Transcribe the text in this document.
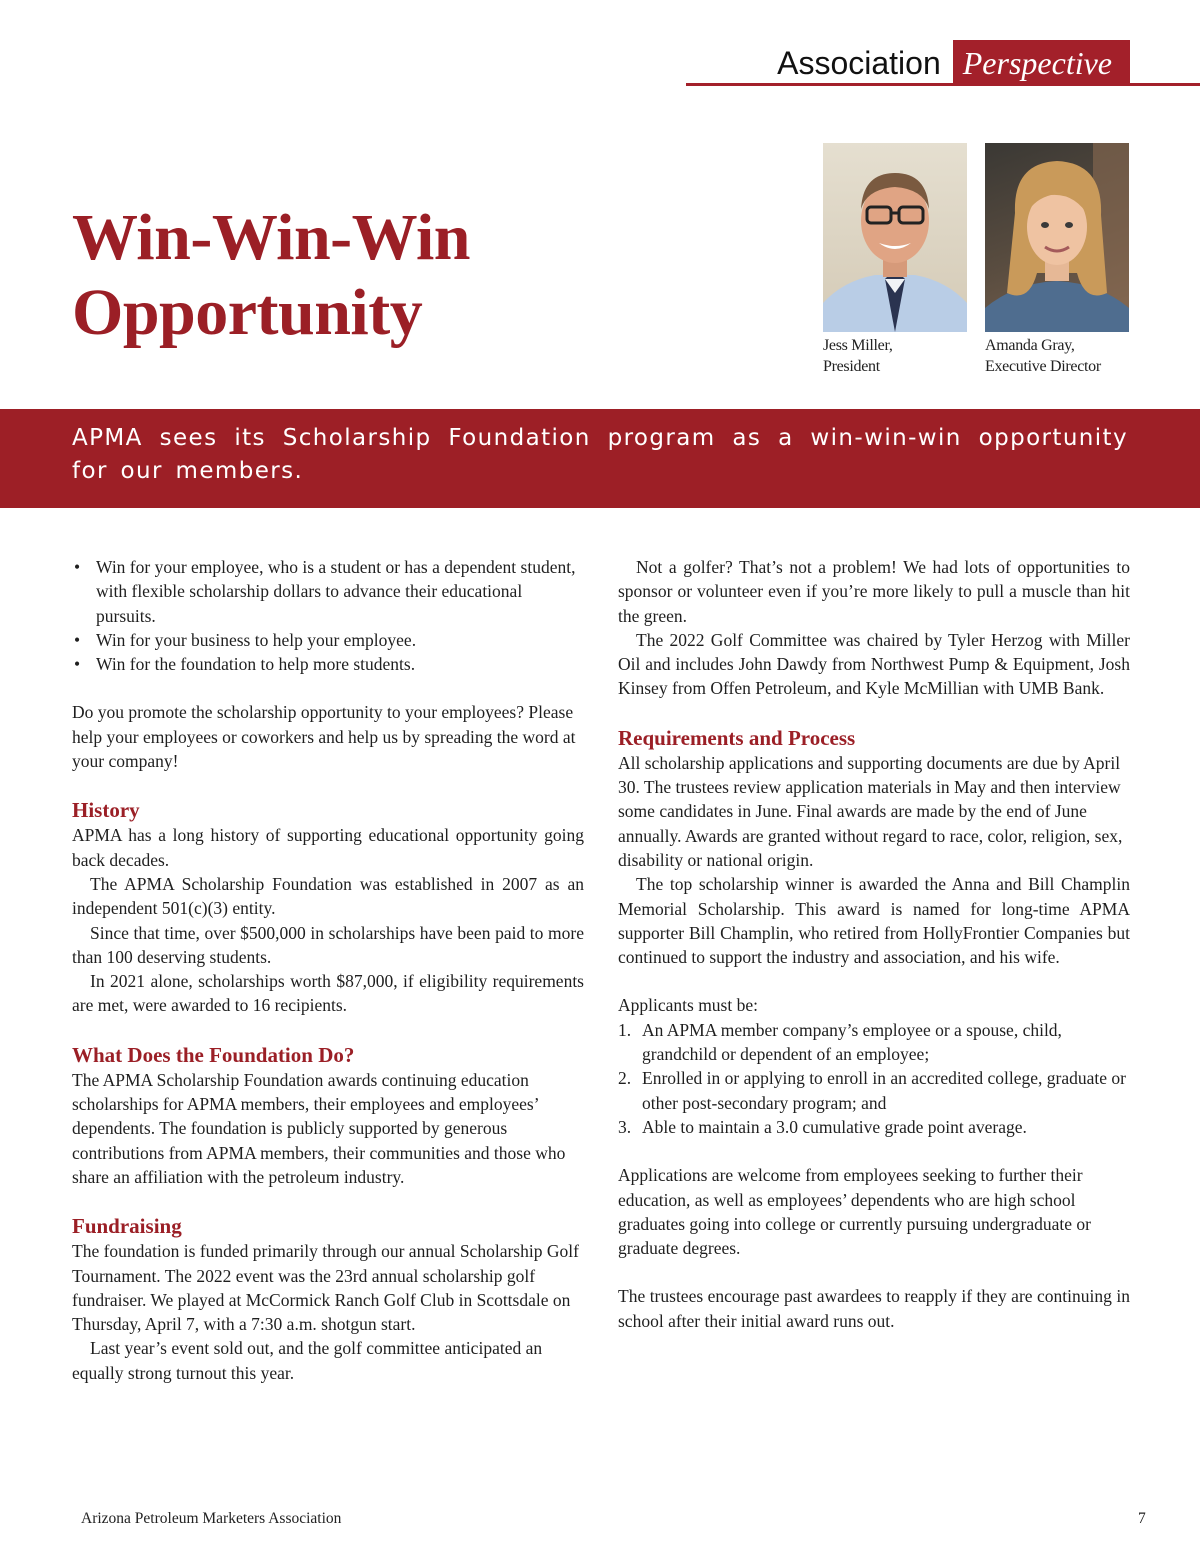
Association Perspective
Win-Win-Win
Opportunity	Jess Miller,
President
Amanda Gray,
Executive Director

APMA sees its Scholarship Foundation program as a win-win-win opportunity for our members.

• Win for your employee, who is a student or has a dependent student, with flexible scholarship dollars to advance their educational pursuits.
• Win for your business to help your employee.
• Win for the foundation to help more students.

Do you promote the scholarship opportunity to your employees? Please help your employees or coworkers and help us by spreading the word at your company!

History

APMA has a long history of supporting educational opportunity going back decades.

The APMA Scholarship Foundation was established in 2007 as an independent 501(c)(3) entity.

Since that time, over $500,000 in scholarships have been paid to more than 100 deserving students.

In 2021 alone, scholarships worth $87,000, if eligibility requirements are met, were awarded to 16 recipients.

What Does the Foundation Do?

The APMA Scholarship Foundation awards continuing education scholarships for APMA members, their employees and employees’ dependents. The foundation is publicly supported by generous contributions from APMA members, their communities and those who share an affiliation with the petroleum industry.

Fundraising

The foundation is funded primarily through our annual Scholarship Golf Tournament. The 2022 event was the 23rd annual scholarship golf fundraiser. We played at McCormick Ranch Golf Club in Scottsdale on Thursday, April 7, with a 7:30 a.m. shotgun start.

Last year’s event sold out, and the golf committee anticipated an equally strong turnout this year.

Not a golfer? That’s not a problem! We had lots of opportunities to sponsor or volunteer even if you’re more likely to pull a muscle than hit the green.

The 2022 Golf Committee was chaired by Tyler Herzog with Miller Oil and includes John Dawdy from Northwest Pump & Equipment, Josh Kinsey from Offen Petroleum, and Kyle McMillian with UMB Bank.

Requirements and Process

All scholarship applications and supporting documents are due by April 30. The trustees review application materials in May and then interview some candidates in June. Final awards are made by the end of June annually. Awards are granted without regard to race, color, religion, sex, disability or national origin.

The top scholarship winner is awarded the Anna and Bill Champlin Memorial Scholarship. This award is named for long-time APMA supporter Bill Champlin, who retired from HollyFrontier Companies but continued to support the industry and association, and his wife.

Applicants must be:

1. An APMA member company’s employee or a spouse, child, grandchild or dependent of an employee;
2. Enrolled in or applying to enroll in an accredited college, graduate or other post-secondary program; and
3. Able to maintain a 3.0 cumulative grade point average.

Applications are welcome from employees seeking to further their education, as well as employees’ dependents who are high school graduates going into college or currently pursuing undergraduate or graduate degrees.

The trustees encourage past awardees to reapply if they are continuing in school after their initial award runs out.

Arizona Petroleum Marketers Association	7
